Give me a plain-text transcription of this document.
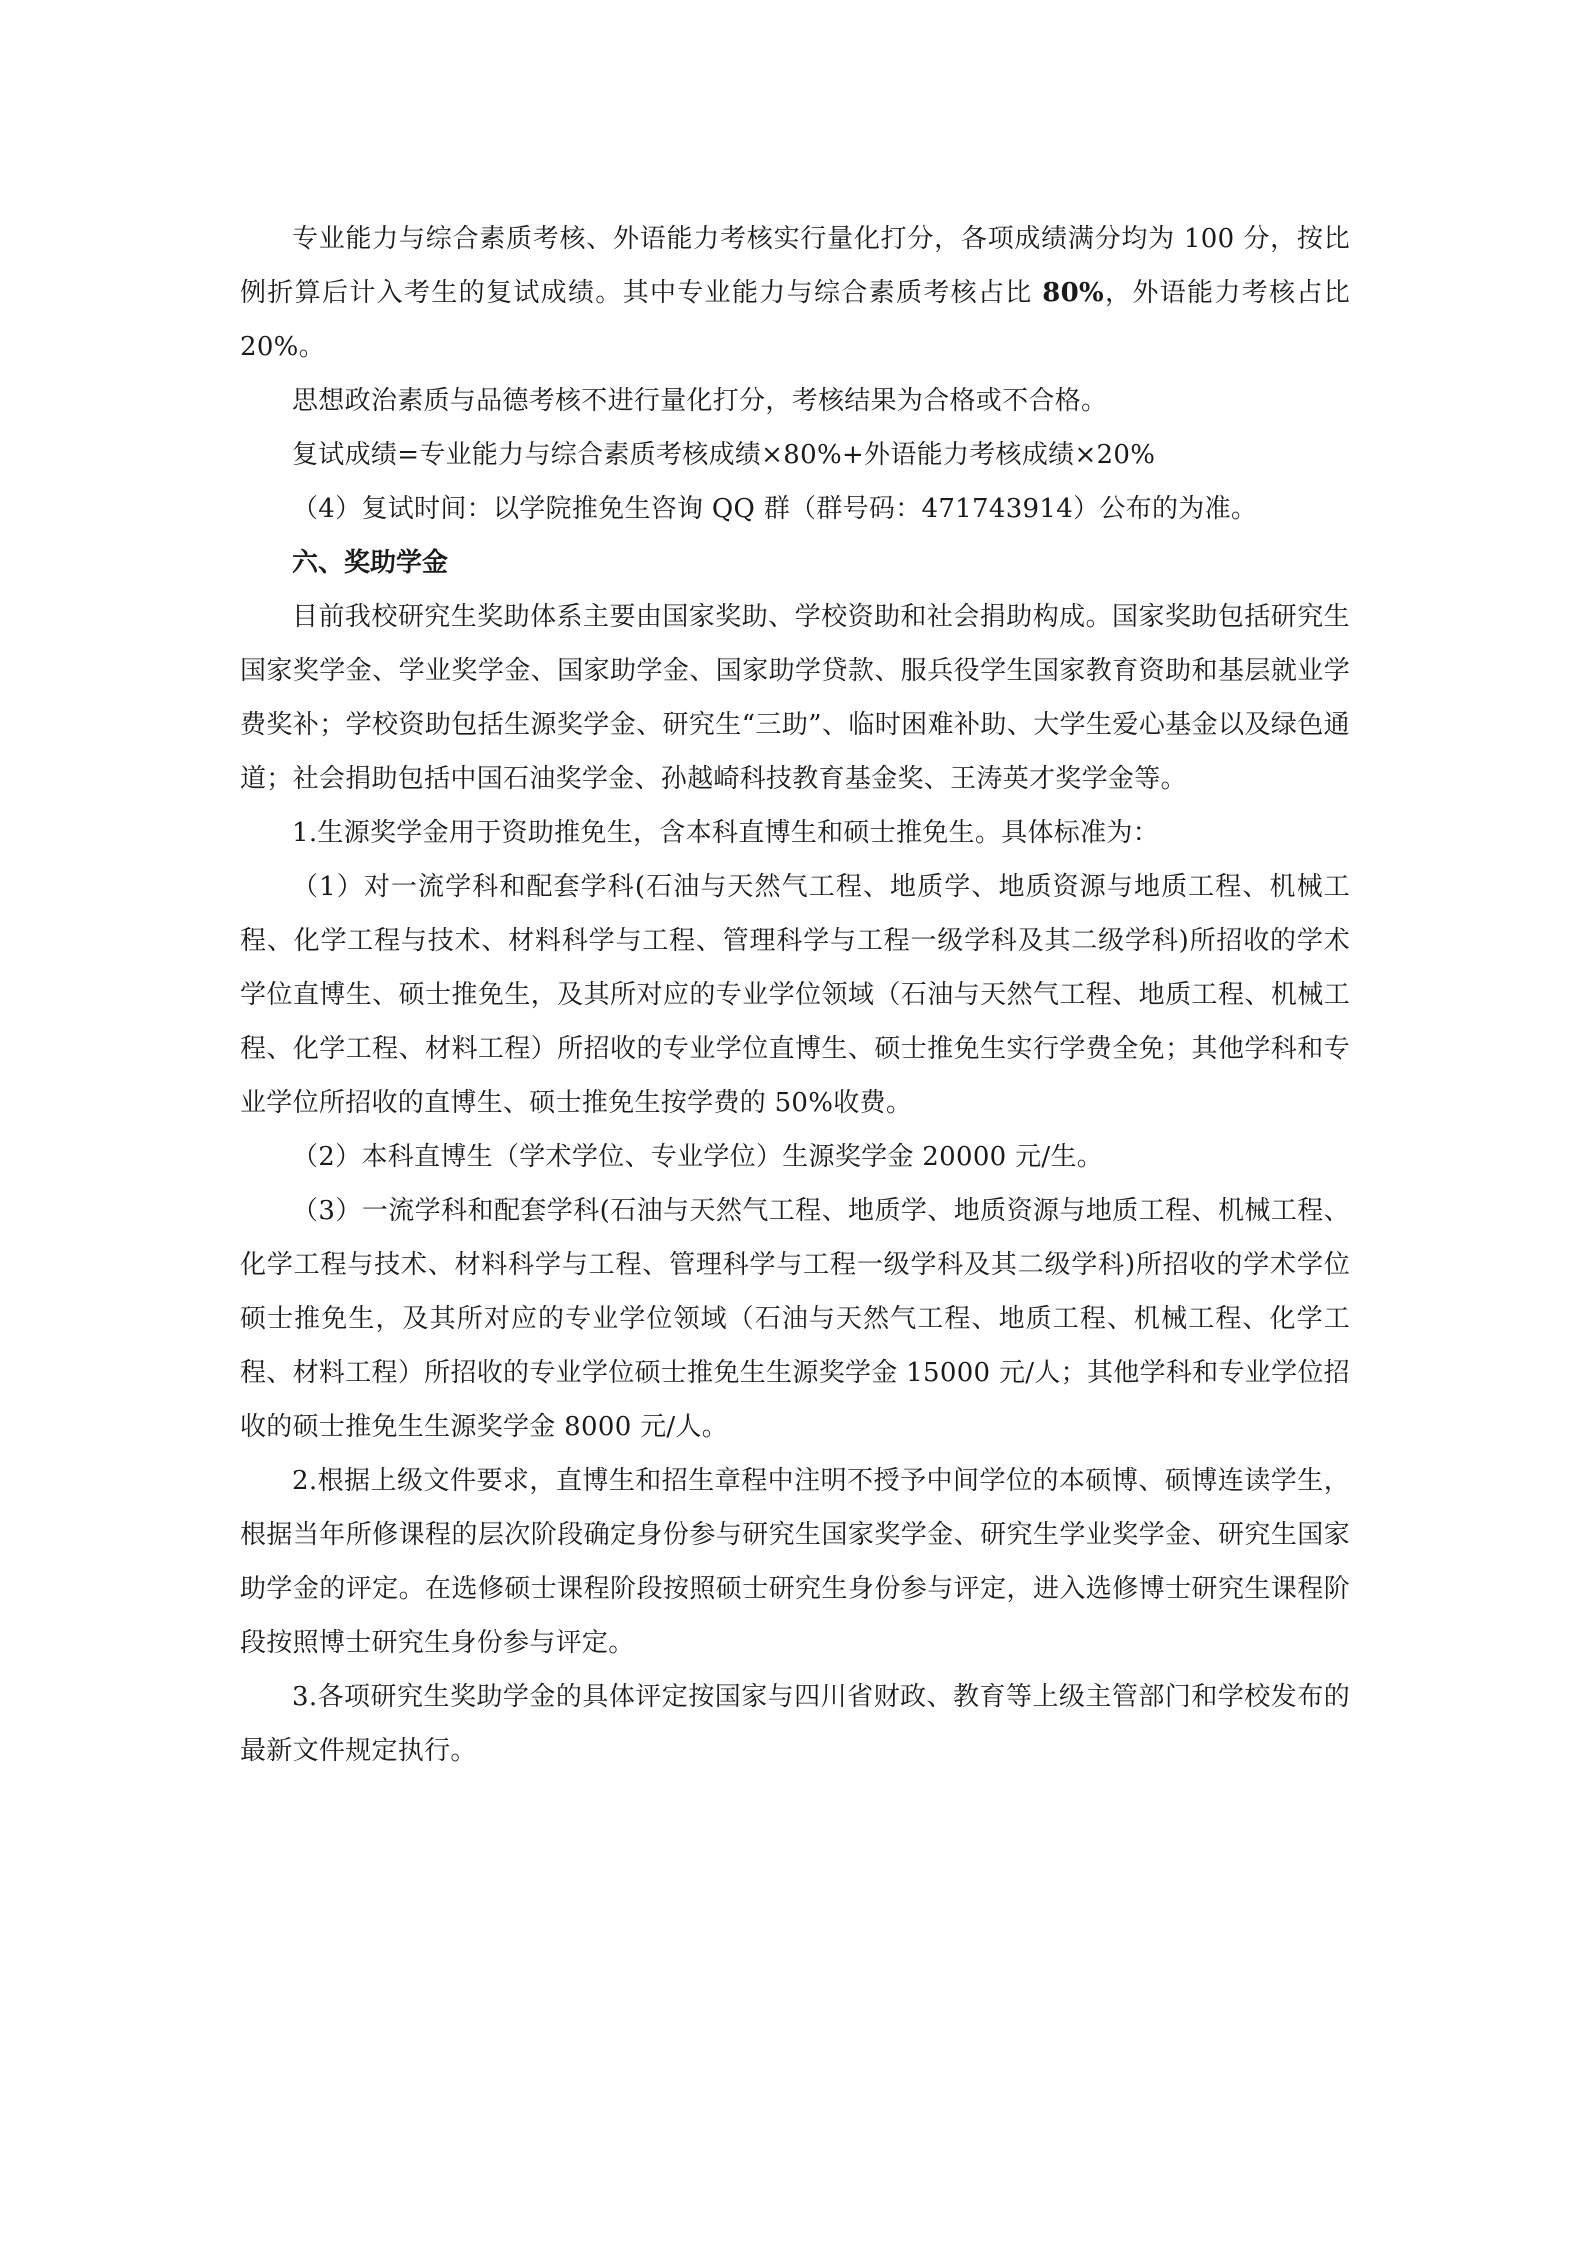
专业能力与综合素质考核、外语能力考核实行量化打分，各项成绩满分均为 100 分，按比例折算后计入考生的复试成绩。其中专业能力与综合素质考核占比 80%，外语能力考核占比 20%。

思想政治素质与品德考核不进行量化打分，考核结果为合格或不合格。

复试成绩=专业能力与综合素质考核成绩×80%+外语能力考核成绩×20%

（4）复试时间：以学院推免生咨询 QQ 群（群号码：471743914）公布的为准。

六、奖助学金

目前我校研究生奖助体系主要由国家奖助、学校资助和社会捐助构成。国家奖助包括研究生国家奖学金、学业奖学金、国家助学金、国家助学贷款、服兵役学生国家教育资助和基层就业学费奖补；学校资助包括生源奖学金、研究生“三助”、临时困难补助、大学生爱心基金以及绿色通道；社会捐助包括中国石油奖学金、孙越崎科技教育基金奖、王涛英才奖学金等。

1.生源奖学金用于资助推免生，含本科直博生和硕士推免生。具体标准为：

（1）对一流学科和配套学科(石油与天然气工程、地质学、地质资源与地质工程、机械工程、化学工程与技术、材料科学与工程、管理科学与工程一级学科及其二级学科)所招收的学术学位直博生、硕士推免生，及其所对应的专业学位领域（石油与天然气工程、地质工程、机械工程、化学工程、材料工程）所招收的专业学位直博生、硕士推免生实行学费全免；其他学科和专业学位所招收的直博生、硕士推免生按学费的 50%收费。

（2）本科直博生（学术学位、专业学位）生源奖学金 20000 元/生。

（3）一流学科和配套学科(石油与天然气工程、地质学、地质资源与地质工程、机械工程、化学工程与技术、材料科学与工程、管理科学与工程一级学科及其二级学科)所招收的学术学位硕士推免生，及其所对应的专业学位领域（石油与天然气工程、地质工程、机械工程、化学工程、材料工程）所招收的专业学位硕士推免生生源奖学金 15000 元/人；其他学科和专业学位招收的硕士推免生生源奖学金 8000 元/人。

2.根据上级文件要求，直博生和招生章程中注明不授予中间学位的本硕博、硕博连读学生，根据当年所修课程的层次阶段确定身份参与研究生国家奖学金、研究生学业奖学金、研究生国家助学金的评定。在选修硕士课程阶段按照硕士研究生身份参与评定，进入选修博士研究生课程阶段按照博士研究生身份参与评定。

3.各项研究生奖助学金的具体评定按国家与四川省财政、教育等上级主管部门和学校发布的最新文件规定执行。
